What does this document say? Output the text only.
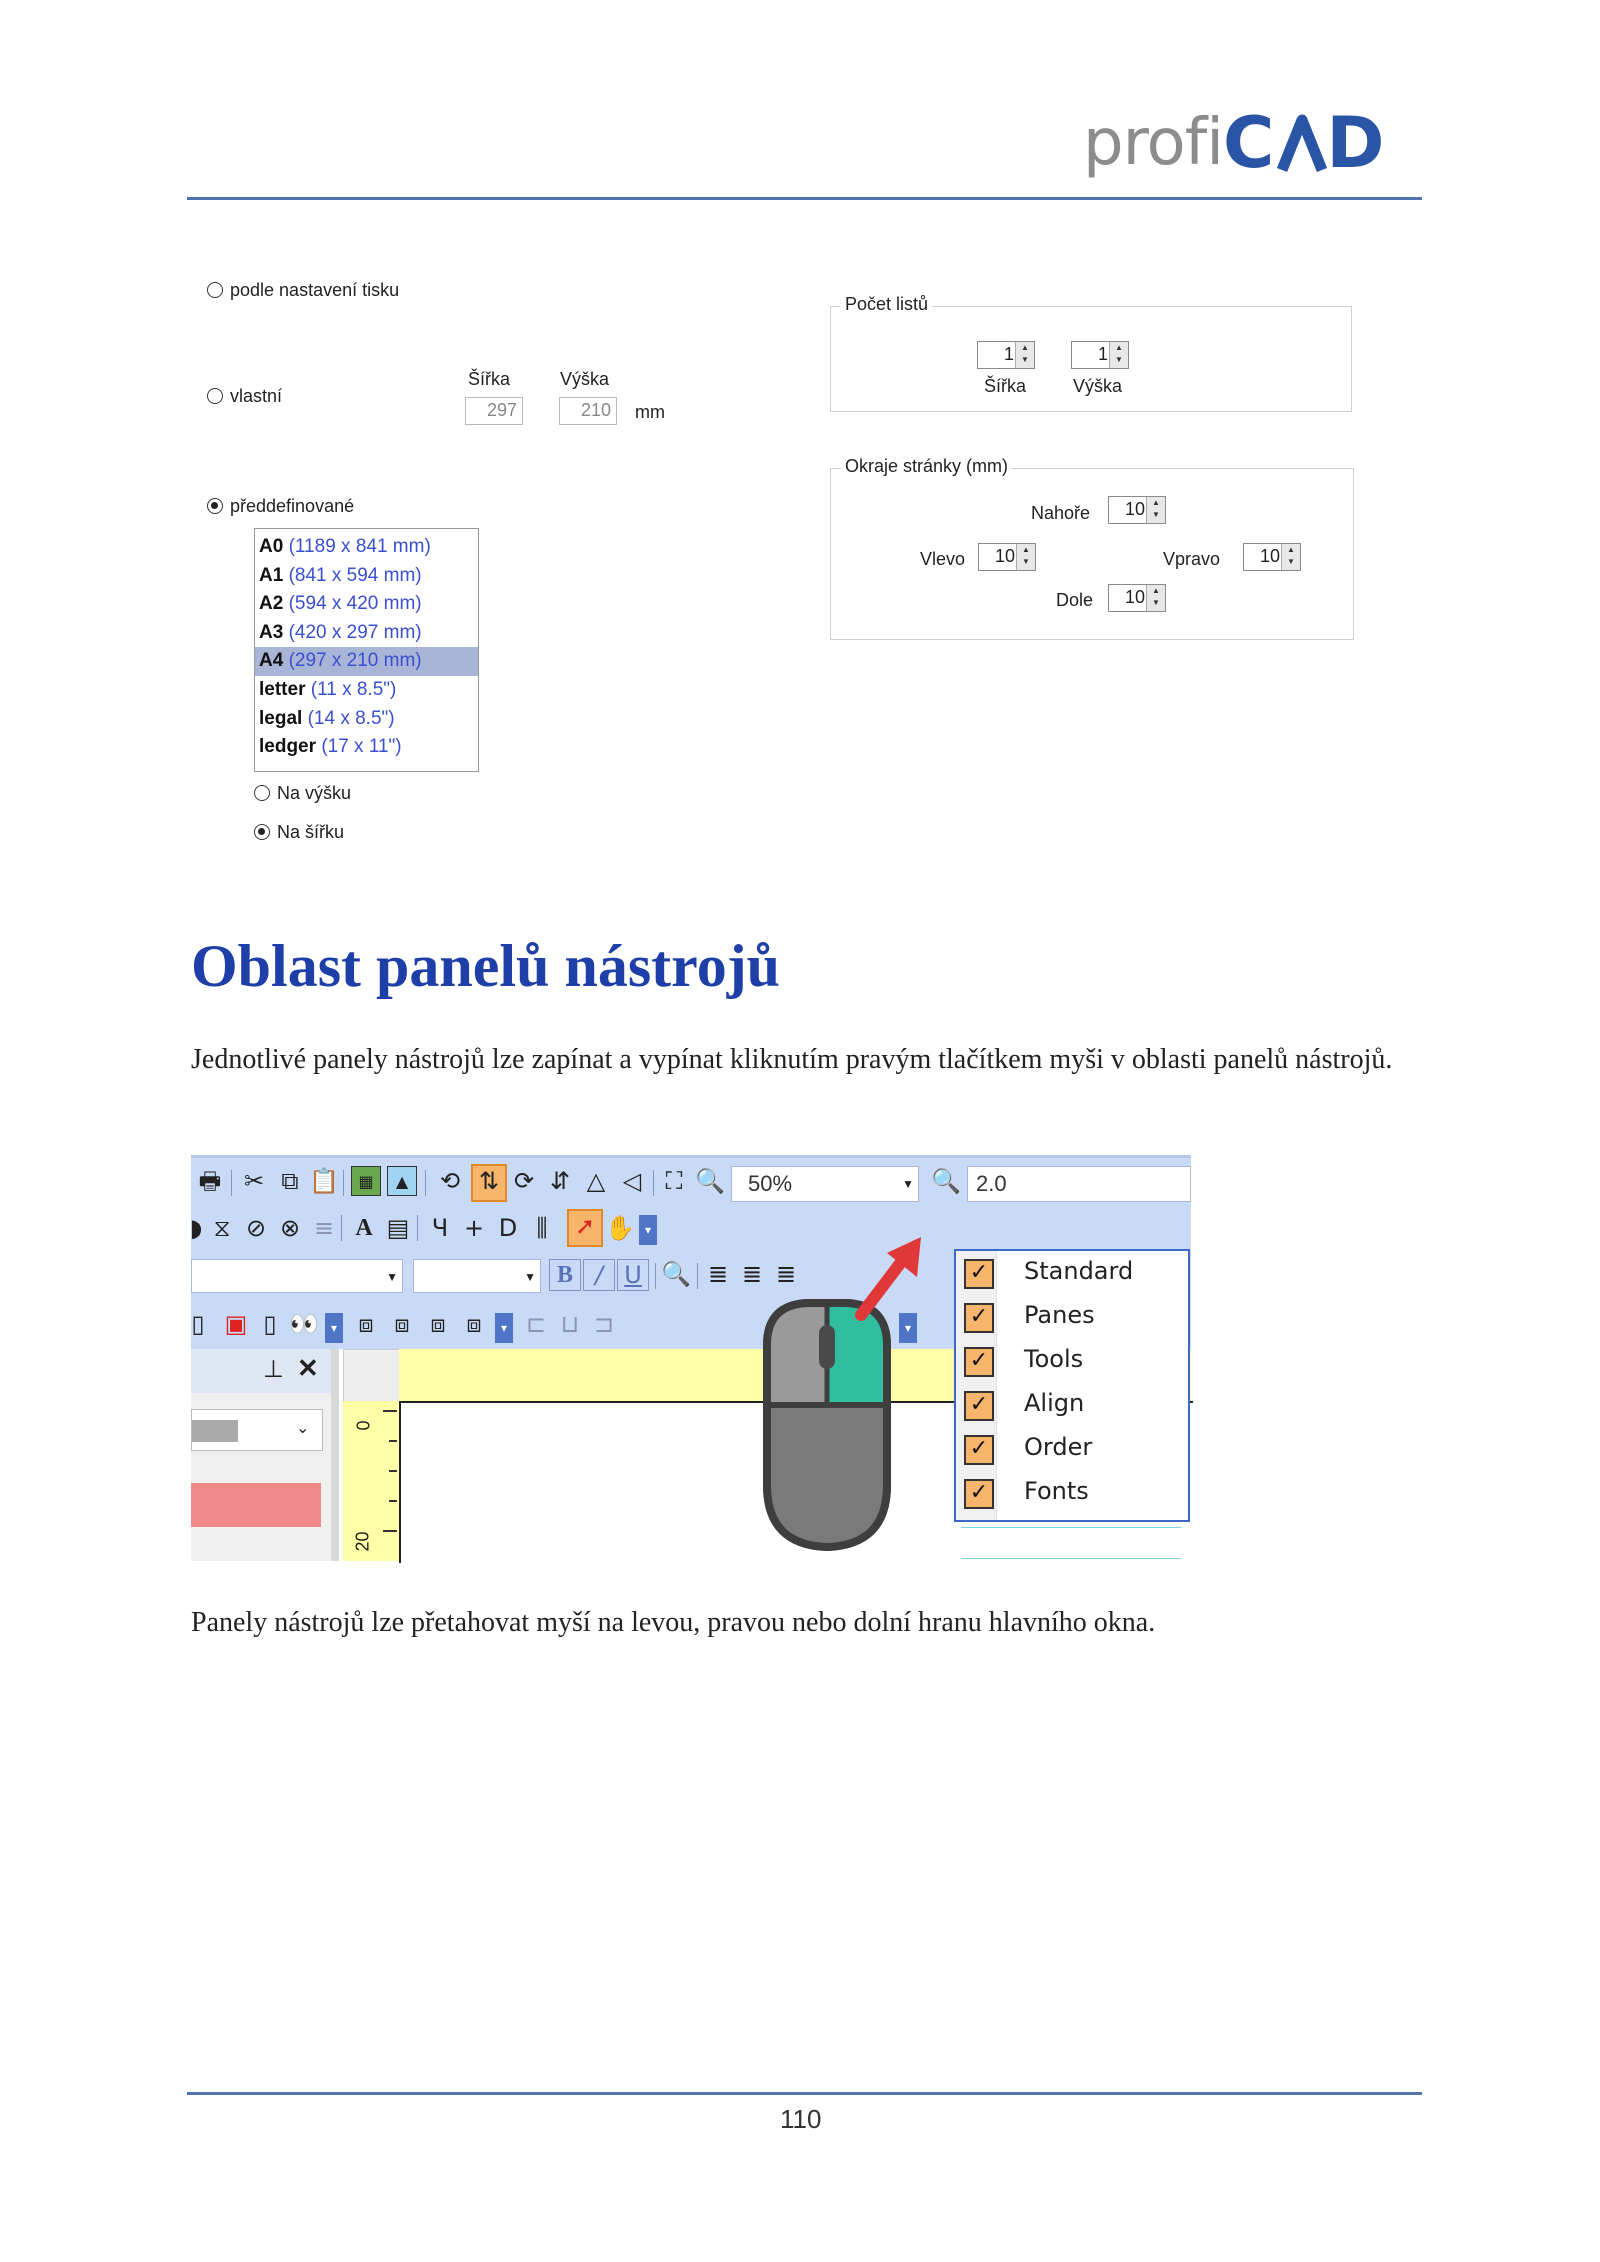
profiC D
podle nastavení tisku
vlastní
Šířka	Výška
297	210	mm
předdefinované
A0 (1189 x 841 mm)
A1 (841 x 594 mm)
A2 (594 x 420 mm)
A3 (420 x 297 mm)
A4 (297 x 210 mm)
letter (11 x 8.5")
legal (14 x 8.5")
ledger (17 x 11")
Na výšku
Na šířku
Počet listů
1 ▲
▼	1 ▲
▼
Šířka	Výška
Okraje stránky (mm)
Nahoře 10 ▲
▼
Vlevo 10 ▲
▼	Vpravo 10 ▲
▼
Dole 10 ▲
▼
Oblast panelů nástrojů
Jednotlivé panely nástrojů lze zapínat a vypínat kliknutím pravým tlačítkem myši v oblasti panelů nástrojů.
🖶 ✂ ⧉ 📋	▦	▲	⟲ ⇅ ⟳ ⇵ △ ◁ ⛶ 🔍	50%	▼ 🔍 2.0
◗ ⧖ ⊘ ⊗ ≡ A ▤ Ч + D ⫼	➚ ✋ ▾
▼	▼ B / U 🔍 ≣ ≣ ≣
▯ ▣ ▯ 👀	▾ ⧈ ⧈ ⧈ ⧈	▾ ⊏ ⊔ ⊐	▾
⊥ ✕
⌄ 0
20
✓ Standard
✓ Panes
✓ Tools
✓ Align
✓ Order
✓ Fonts
Panely nástrojů lze přetahovat myší na levou, pravou nebo dolní hranu hlavního okna.
110
